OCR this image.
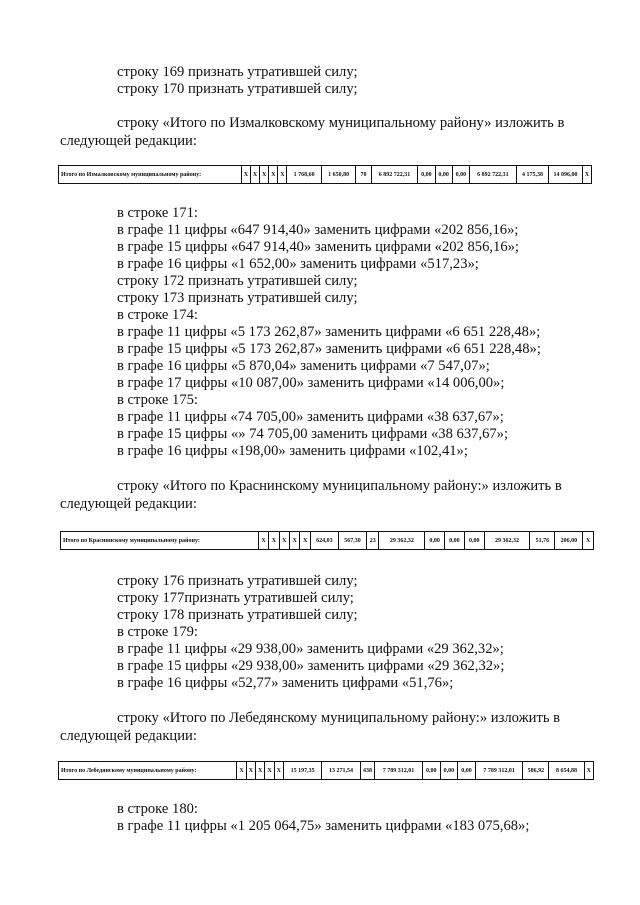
строку 169 признать утратившей силу;
строку 170 признать утратившей силу;
строку «Итого по Измалковскому муниципальному району» изложить в
следующей редакции:
Итого по Измалковскому муниципальному району:	X	X	X	X	X	1 768,60	1 650,80	70	6 892 722,31	0,00	0,00	0,00	6 892 722,31	4 175,38	14 096,00	X
в строке 171:
в графе 11 цифры «647 914,40» заменить цифрами «202 856,16»;
в графе 15 цифры «647 914,40» заменить цифрами «202 856,16»;
в графе 16 цифры «1 652,00» заменить цифрами «517,23»;
строку 172 признать утратившей силу;
строку 173 признать утратившей силу;
в строке 174:
в графе 11 цифры «5 173 262,87» заменить цифрами «6 651 228,48»;
в графе 15 цифры «5 173 262,87» заменить цифрами «6 651 228,48»;
в графе 16 цифры «5 870,04» заменить цифрами «7 547,07»;
в графе 17 цифры «10 087,00» заменить цифрами «14 006,00»;
в строке 175:
в графе 11 цифры «74 705,00» заменить цифрами «38 637,67»;
в графе 15 цифры «» 74 705,00 заменить цифрами «38 637,67»;
в графе 16 цифры «198,00» заменить цифрами «102,41»;
строку «Итого по Краснинскому муниципальному району:» изложить в
следующей редакции:
Итого по Краснинскому муниципальному району:	X	X	X	X	X	624,03	567,30	23	29 362,32	0,00	0,00	0,00	29 362,32	51,76	206,00	X
строку 176 признать утратившей силу;
строку 177признать утратившей силу;
строку 178 признать утратившей силу;
в строке 179:
в графе 11 цифры «29 938,00» заменить цифрами «29 362,32»;
в графе 15 цифры «29 938,00» заменить цифрами «29 362,32»;
в графе 16 цифры «52,77» заменить цифрами «51,76»;
строку «Итого по Лебедянскому муниципальному району:» изложить в
следующей редакции:
Итого по Лебедянскому муниципальному району:	X	X	X	X	X	15 197,35	13 271,54	438	7 789 312,01	0,00	0,00	0,00	7 789 312,01	586,92	8 654,88	X
в строке 180:
в графе 11 цифры «1 205 064,75» заменить цифрами «183 075,68»;
